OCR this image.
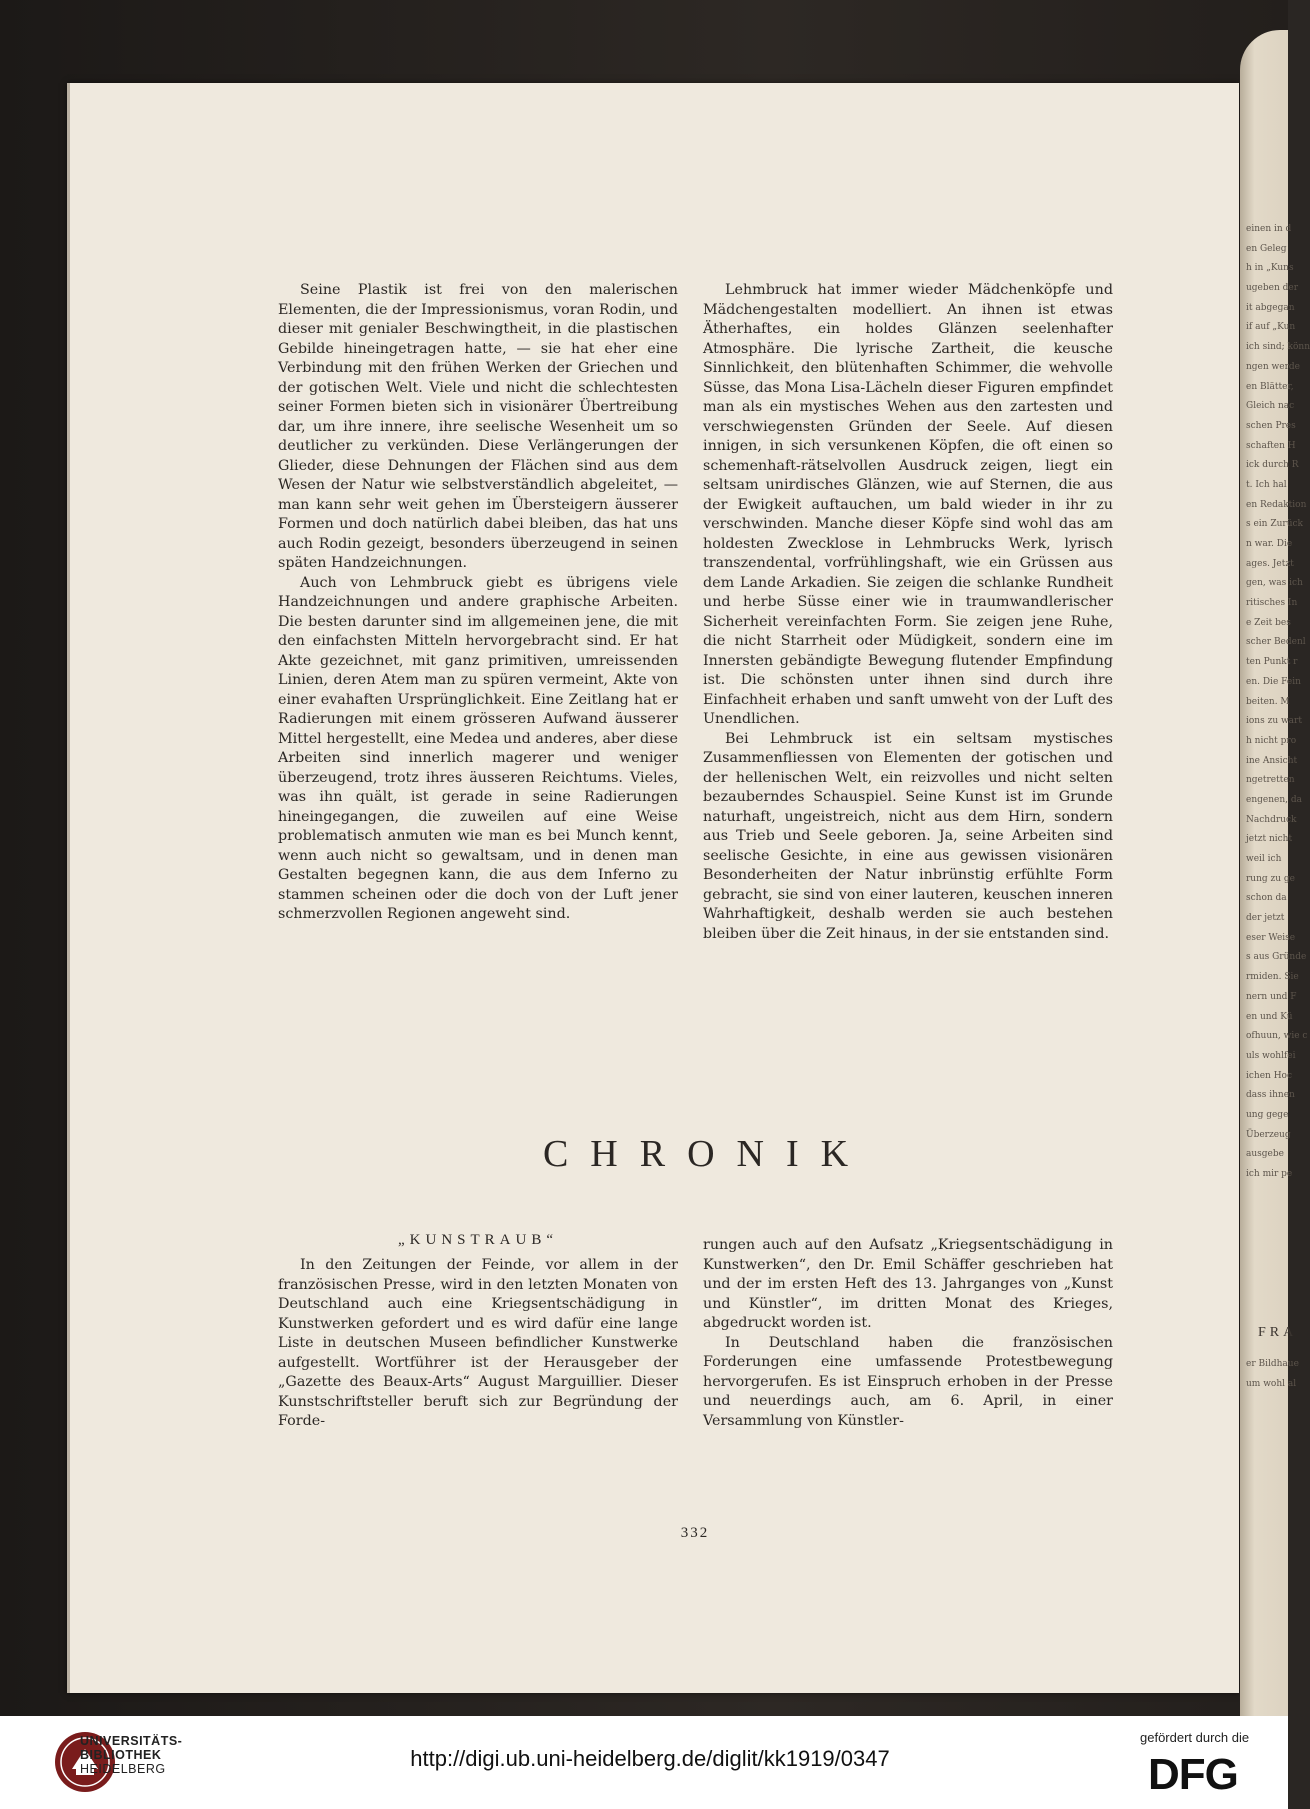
Seine Plastik ist frei von den malerischen Elementen, die der Impressionismus, voran Rodin, und dieser mit genialer Beschwingtheit, in die plastischen Gebilde hineingetragen hatte, — sie hat eher eine Verbindung mit den frühen Werken der Griechen und der gotischen Welt. Viele und nicht die schlechtesten seiner Formen bieten sich in visionärer Übertreibung dar, um ihre innere, ihre seelische Wesenheit um so deutlicher zu verkünden. Diese Verlängerungen der Glieder, diese Dehnungen der Flächen sind aus dem Wesen der Natur wie selbstverständlich abgeleitet, — man kann sehr weit gehen im Übersteigern äusserer Formen und doch natürlich dabei bleiben, das hat uns auch Rodin gezeigt, besonders überzeugend in seinen späten Handzeichnungen.

Auch von Lehmbruck giebt es übrigens viele Handzeichnungen und andere graphische Arbeiten. Die besten darunter sind im allgemeinen jene, die mit den einfachsten Mitteln hervorgebracht sind. Er hat Akte gezeichnet, mit ganz primitiven, umreissenden Linien, deren Atem man zu spüren vermeint, Akte von einer evahaften Ursprünglichkeit. Eine Zeitlang hat er Radierungen mit einem grösseren Aufwand äusserer Mittel hergestellt, eine Medea und anderes, aber diese Arbeiten sind innerlich magerer und weniger überzeugend, trotz ihres äusseren Reichtums. Vieles, was ihn quält, ist gerade in seine Radierungen hineingegangen, die zuweilen auf eine Weise problematisch anmuten wie man es bei Munch kennt, wenn auch nicht so gewaltsam, und in denen man Gestalten begegnen kann, die aus dem Inferno zu stammen scheinen oder die doch von der Luft jener schmerzvollen Regionen angeweht sind.

Lehmbruck hat immer wieder Mädchenköpfe und Mädchengestalten modelliert. An ihnen ist etwas Ätherhaftes, ein holdes Glänzen seelenhafter Atmosphäre. Die lyrische Zartheit, die keusche Sinnlichkeit, den blütenhaften Schimmer, die wehvolle Süsse, das Mona Lisa-Lächeln dieser Figuren empfindet man als ein mystisches Wehen aus den zartesten und verschwiegensten Gründen der Seele. Auf diesen innigen, in sich versunkenen Köpfen, die oft einen so schemenhaft-rätselvollen Ausdruck zeigen, liegt ein seltsam unirdisches Glänzen, wie auf Sternen, die aus der Ewigkeit auftauchen, um bald wieder in ihr zu verschwinden. Manche dieser Köpfe sind wohl das am holdesten Zwecklose in Lehmbrucks Werk, lyrisch transzendental, vorfrühlingshaft, wie ein Grüssen aus dem Lande Arkadien. Sie zeigen die schlanke Rundheit und herbe Süsse einer wie in traumwandlerischer Sicherheit vereinfachten Form. Sie zeigen jene Ruhe, die nicht Starrheit oder Müdigkeit, sondern eine im Innersten gebändigte Bewegung flutender Empfindung ist. Die schönsten unter ihnen sind durch ihre Einfachheit erhaben und sanft umweht von der Luft des Unendlichen.

Bei Lehmbruck ist ein seltsam mystisches Zusammenfliessen von Elementen der gotischen und der hellenischen Welt, ein reizvolles und nicht selten bezauberndes Schauspiel. Seine Kunst ist im Grunde naturhaft, ungeistreich, nicht aus dem Hirn, sondern aus Trieb und Seele geboren. Ja, seine Arbeiten sind seelische Gesichte, in eine aus gewissen visionären Besonderheiten der Natur inbrünstig erfühlte Form gebracht, sie sind von einer lauteren, keuschen inneren Wahrhaftigkeit, deshalb werden sie auch bestehen bleiben über die Zeit hinaus, in der sie entstanden sind.

CHRONIK
„KUNSTRAUB“

In den Zeitungen der Feinde, vor allem in der französischen Presse, wird in den letzten Monaten von Deutschland auch eine Kriegsentschädigung in Kunstwerken gefordert und es wird dafür eine lange Liste in deutschen Museen befindlicher Kunstwerke aufgestellt. Wortführer ist der Herausgeber der „Gazette des Beaux-Arts“ August Marguillier. Dieser Kunstschriftsteller beruft sich zur Begründung der Forde-

rungen auch auf den Aufsatz „Kriegsentschädigung in Kunstwerken“, den Dr. Emil Schäffer geschrieben hat und der im ersten Heft des 13. Jahrganges von „Kunst und Künstler“, im dritten Monat des Krieges, abgedruckt worden ist.

In Deutschland haben die französischen Forderungen eine umfassende Protestbewegung hervorgerufen. Es ist Einspruch erhoben in der Presse und neuerdings auch, am 6. April, in einer Versammlung von Künstler-

332
einen in d
en Geleg
h in „Kuns
ugeben der
it abgegan
if auf „Kun
ich sind; könn
ngen werde
en Blätter,
Gleich nac
schen Pres
schaften H
ick durch R
t. Ich hal
en Redaktion
s ein Zurück
n war. Die
ages. Jetzt
gen, was ich
ritisches In
e Zeit bes
scher Bedenl
ten Punkt r
en. Die Fein
beiten. M
ions zu wart
h nicht pro
ine Ansicht
ngetretten
engenen, da
Nachdruck
jetzt nicht
weil ich
rung zu ge
schon da
der jetzt
eser Weise
s aus Gründe
rmiden. Sie
nern und F
en und Kü
ofhuun, wie c
uls wohlfei
ichen Hoc
dass ihnen
ung gege
Überzeug
ausgebe
ich mir pe
FRA
er Bildhaue
um wohl al
UNIVERSITÄTS-
BIBLIOTHEK
HEIDELBERG	http://digi.ub.uni-heidelberg.de/diglit/kk1919/0347
gefördert durch die
DFG
